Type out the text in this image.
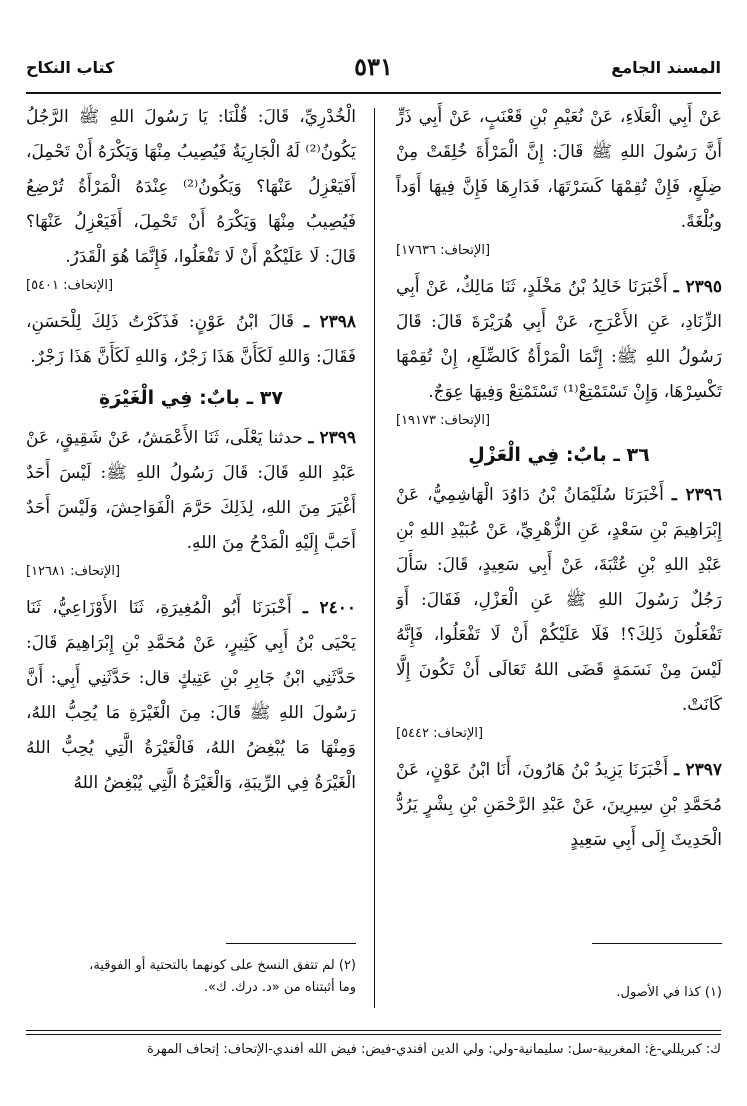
المسند الجامع
٥٣١
كتاب النكاح

عَنْ أَبِي الْعَلَاءِ، عَنْ نُعَيْمِ بْنِ قَعْنَبٍ، عَنْ أَبِي ذَرٍّ أَنَّ رَسُولَ اللهِ ﷺ قَالَ: إِنَّ الْمَرْأَةَ خُلِقَتْ مِنْ ضِلَعٍ، فَإِنْ تُقِمْهَا كَسَرْتَهَا، فَدَارِهَا فَإِنَّ فِيهَا أَوَداً وبُلْغَةً.

[الإتحاف: ١٧٦٣٦]

٢٣٩٥ ـ أَخْبَرَنَا خَالِدُ بْنُ مَخْلَدٍ، ثَنَا مَالِكٌ، عَنْ أَبِي الزِّنَادِ، عَنِ الأَعْرَجِ، عَنْ أَبِي هُرَيْرَةَ قَالَ: قَالَ رَسُولُ اللهِ ﷺ: إِنَّمَا الْمَرْأَةُ كَالضِّلَعِ، إِنْ تُقِمْهَا تَكْسِرْهَا، وَإِنْ تَسْتَمْتِعْ⁽¹⁾ تَسْتَمْتِعْ وَفِيهَا عِوَجٌ.

[الإتحاف: ١٩١٧٣]

٣٦ ـ بابٌ: فِي الْعَزْلِ

٢٣٩٦ ـ أَخْبَرَنَا سُلَيْمَانُ بْنُ دَاوُدَ الْهَاشِمِيُّ، عَنْ إِبْرَاهِيمَ بْنِ سَعْدٍ، عَنِ الزُّهْرِيِّ، عَنْ عُبَيْدِ اللهِ بْنِ عَبْدِ اللهِ بْنِ عُتْبَةَ، عَنْ أَبِي سَعِيدٍ، قَالَ: سَأَلَ رَجُلٌ رَسُولَ اللهِ ﷺ عَنِ الْعَزْلِ، فَقَالَ: أَوَ تَفْعَلُونَ ذَلِكَ؟! فَلَا عَلَيْكُمْ أَنْ لَا تَفْعَلُوا، فَإِنَّهُ لَيْسَ مِنْ نَسَمَةٍ قَضَى اللهُ تَعَالَى أَنْ تَكُونَ إِلَّا كَانَتْ.

[الإتحاف: ٥٤٤٢]

٢٣٩٧ ـ أَخْبَرَنَا يَزِيدُ بْنُ هَارُونَ، أَنَا ابْنُ عَوْنٍ، عَنْ مُحَمَّدِ بْنِ سِيرِينَ، عَنْ عَبْدِ الرَّحْمَنِ بْنِ بِشْرٍ يَرُدُّ الْحَدِيثَ إِلَى أَبِي سَعِيدٍ

الْخُدْرِيِّ، قَالَ: قُلْنَا: يَا رَسُولَ اللهِ ﷺ الرَّجُلُ يَكُونُ⁽²⁾ لَهُ الْجَارِيَةُ فَيُصِيبُ مِنْهَا وَيَكْرَهُ أَنْ تَحْمِلَ، أَفَيَعْزِلُ عَنْهَا؟ وَيَكُونُ⁽²⁾ عِنْدَهُ الْمَرْأَةُ تُرْضِعُ فَيُصِيبُ مِنْهَا وَيَكْرَهُ أَنْ تَحْمِلَ، أَفَيَعْزِلُ عَنْهَا؟ قَالَ: لَا عَلَيْكُمْ أَنْ لَا تَفْعَلُوا، فَإِنَّمَا هُوَ الْقَدَرُ.

[الإتحاف: ٥٤٠١]

٢٣٩٨ ـ قَالَ ابْنُ عَوْنٍ: فَذَكَرْتُ ذَلِكَ لِلْحَسَنِ، فَقَالَ: وَاللهِ لَكَأَنَّ هَذَا زَجْرٌ، وَاللهِ لَكَأَنَّ هَذَا زَجْرٌ.

٣٧ ـ بابٌ: فِي الْغَيْرَةِ

٢٣٩٩ ـ حدثنا يَعْلَى، ثَنَا الأَعْمَشُ، عَنْ شَقِيقٍ، عَنْ عَبْدِ اللهِ قَالَ: قَالَ رَسُولُ اللهِ ﷺ: لَيْسَ أَحَدٌ أَغْيَرَ مِنَ اللهِ، لِذَلِكَ حَرَّمَ الْفَوَاحِشَ، وَلَيْسَ أَحَدٌ أَحَبَّ إِلَيْهِ الْمَدْحُ مِنَ اللهِ.

[الإتحاف: ١٢٦٨١]

٢٤٠٠ ـ أَخْبَرَنَا أَبُو الْمُغِيرَةِ، ثَنَا الأَوْزَاعِيُّ، ثَنَا يَحْيَى بْنُ أَبِي كَثِيرٍ، عَنْ مُحَمَّدِ بْنِ إِبْرَاهِيمَ قَالَ: حَدَّثَنِي ابْنُ جَابِرِ بْنِ عَتِيكٍ قال: حَدَّثَنِي أَبِي: أَنَّ رَسُولَ اللهِ ﷺ قَالَ: مِنَ الْغَيْرَةِ مَا يُحِبُّ اللهُ، وَمِنْهَا مَا يُبْغِضُ اللهُ، فَالْغَيْرَةُ الَّتِي يُحِبُّ اللهُ الْغَيْرَةُ فِي الرِّيبَةِ، وَالْغَيْرَةُ الَّتِي يُبْغِضُ اللهُ

(١) كذا في الأصول.
(٢) لم تتفق النسخ على كونهما بالتحتية أو الفوقية،
وما أثبتناه من «د. درك. ك».
ك: كبريللي-غ: المغربية-سل: سليمانية-ولي: ولي الدين أفندي-فيض: فيض الله أفندي-الإتحاف: إتحاف المهرة
